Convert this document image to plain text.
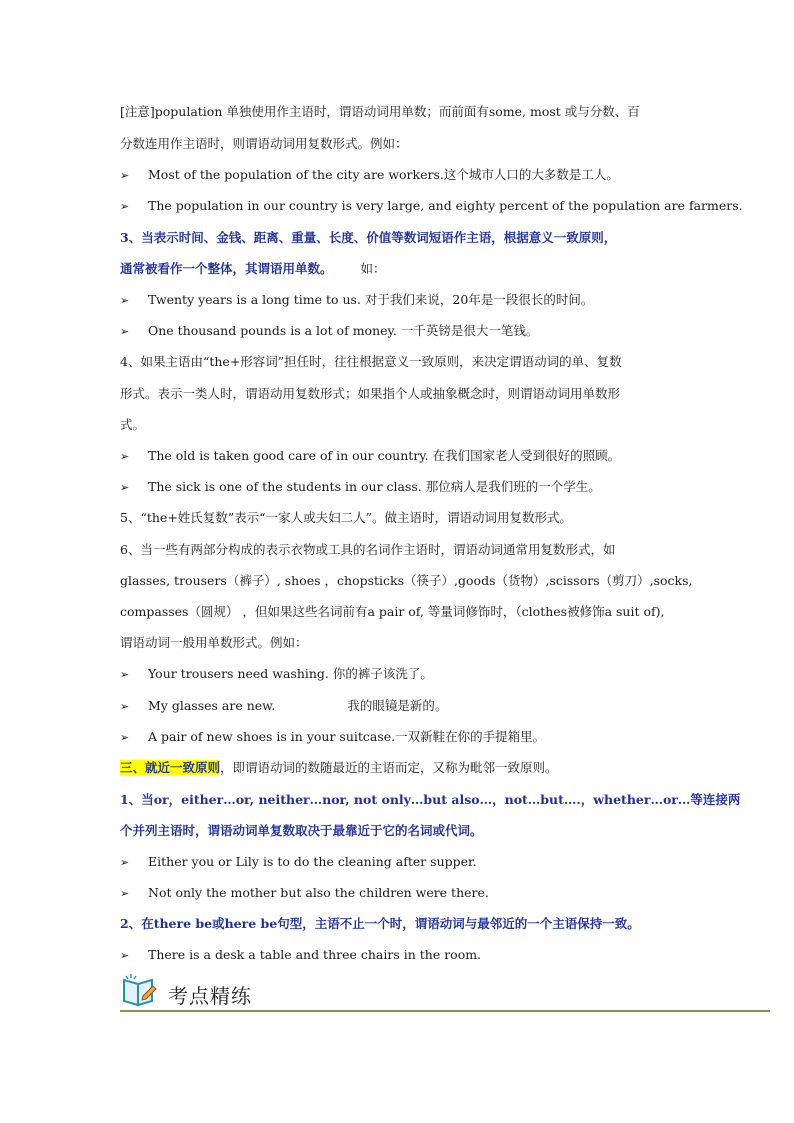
[注意]population 单独使用作主语时，谓语动词用单数；而前面有some, most 或与分数、百
分数连用作主语时，则谓语动词用复数形式。例如：
➢ Most of the population of the city are workers.这个城市人口的大多数是工人。
➢ The population in our country is very large, and eighty percent of the population are farmers.
3、当表示时间、金钱、距离、重量、长度、价值等数词短语作主语，根据意义一致原则，
通常被看作一个整体，其谓语用单数。 如：
➢ Twenty years is a long time to us. 对于我们来说，20年是一段很长的时间。
➢ One thousand pounds is a lot of money. 一千英镑是很大一笔钱。
4、如果主语由“the+形容词”担任时，往往根据意义一致原则，来决定谓语动词的单、复数
形式。表示一类人时，谓语动用复数形式；如果指个人或抽象概念时，则谓语动词用单数形
式。
➢ The old is taken good care of in our country. 在我们国家老人受到很好的照顾。
➢ The sick is one of the students in our class. 那位病人是我们班的一个学生。
5、“the+姓氏复数”表示“一家人或夫妇二人”。做主语时，谓语动词用复数形式。
6、当一些有两部分构成的表示衣物或工具的名词作主语时，谓语动词通常用复数形式，如
glasses, trousers（裤子）, shoes ，chopsticks（筷子）,goods（货物）,scissors（剪刀）,socks,
compasses（圆规） ，但如果这些名词前有a pair of, 等量词修饰时，（clothes被修饰a suit of),
谓语动词一般用单数形式。例如：
➢ Your trousers need washing. 你的裤子该洗了。
➢ My glasses are new.	我的眼镜是新的。
➢ A pair of new shoes is in your suitcase.一双新鞋在你的手提箱里。
三、就近一致原则，即谓语动词的数随最近的主语而定，又称为毗邻一致原则。
1、当or，either…or, neither…nor, not only…but also…，not…but….，whether…or…等连接两
个并列主语时，谓语动词单复数取决于最靠近于它的名词或代词。
➢ Either you or Lily is to do the cleaning after supper.
➢ Not only the mother but also the children were there.
2、在there be或here be句型，主语不止一个时，谓语动词与最邻近的一个主语保持一致。
➢ There is a desk a table and three chairs in the room.
考点精练
